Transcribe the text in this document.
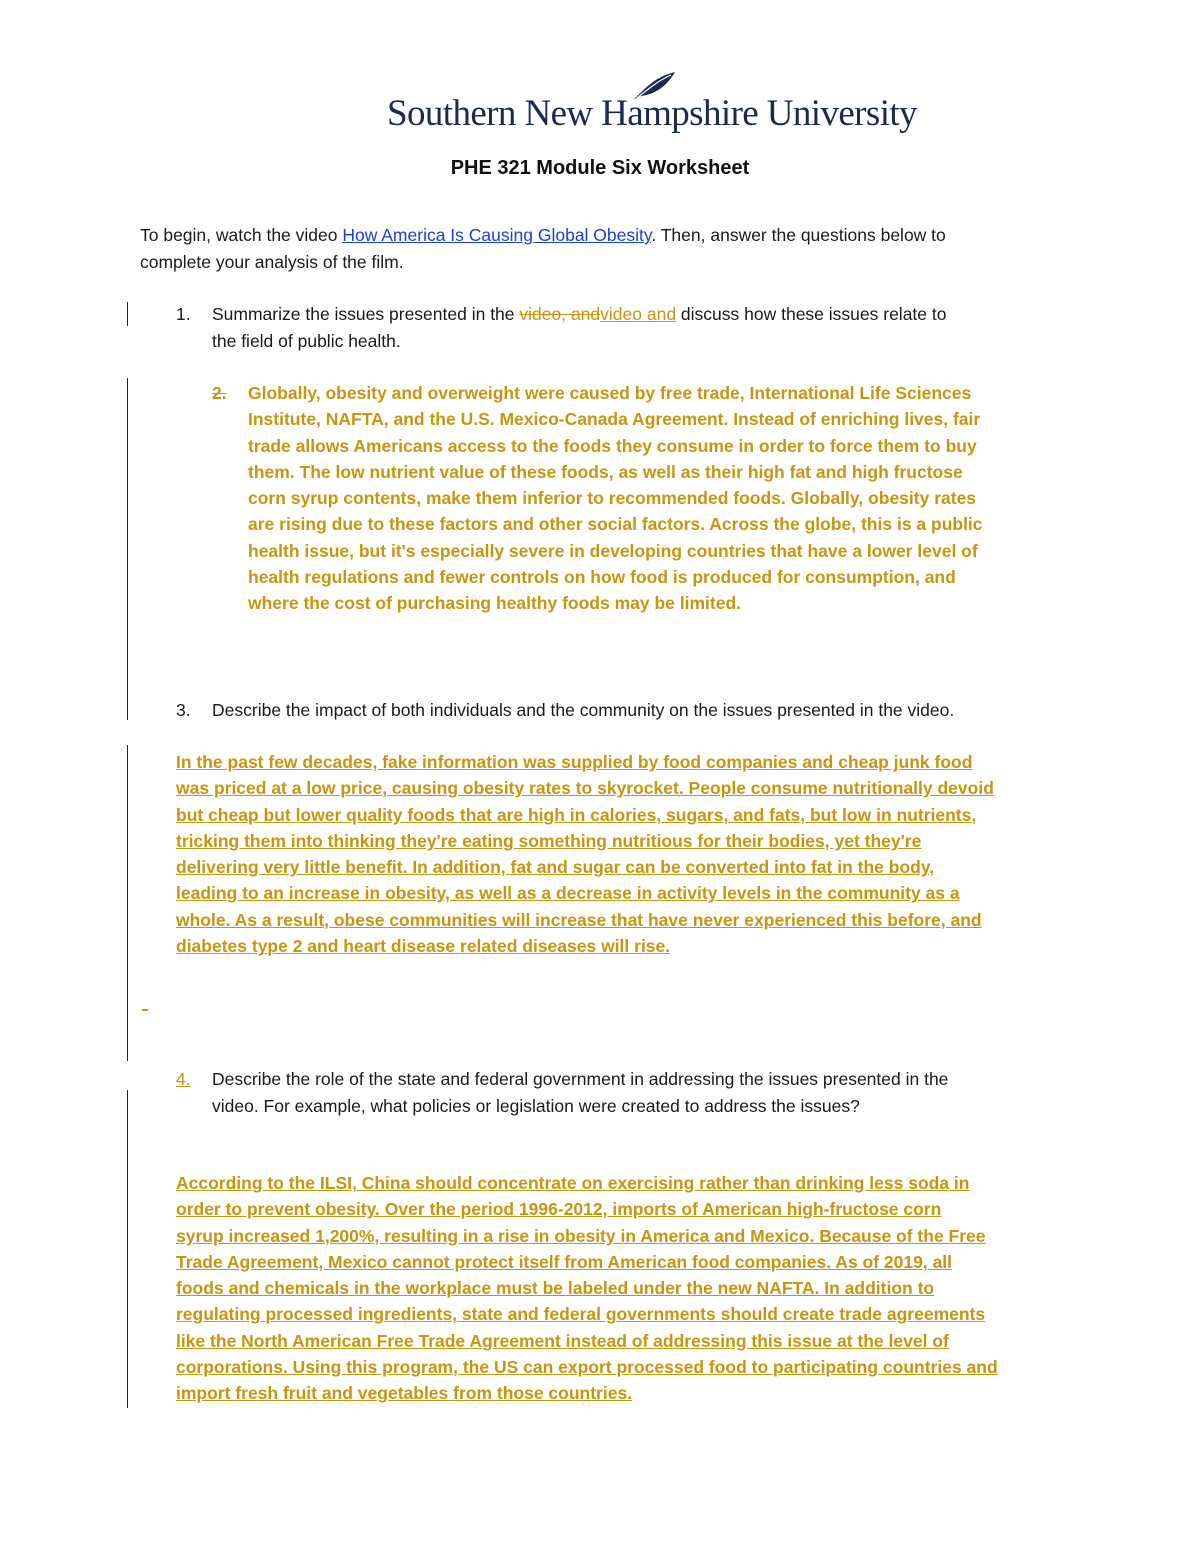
Southern New Hampshire University
PHE 321 Module Six Worksheet
To begin, watch the video How America Is Causing Global Obesity. Then, answer the questions below to
complete your analysis of the film.
1. Summarize the issues presented in the video, andvideo and discuss how these issues relate to
the field of public health.
2. Globally, obesity and overweight were caused by free trade, International Life Sciences
Institute, NAFTA, and the U.S. Mexico-Canada Agreement. Instead of enriching lives, fair
trade allows Americans access to the foods they consume in order to force them to buy
them. The low nutrient value of these foods, as well as their high fat and high fructose
corn syrup contents, make them inferior to recommended foods. Globally, obesity rates
are rising due to these factors and other social factors. Across the globe, this is a public
health issue, but it's especially severe in developing countries that have a lower level of
health regulations and fewer controls on how food is produced for consumption, and
where the cost of purchasing healthy foods may be limited.
3. Describe the impact of both individuals and the community on the issues presented in the video.
In the past few decades, fake information was supplied by food companies and cheap junk food
was priced at a low price, causing obesity rates to skyrocket. People consume nutritionally devoid
but cheap but lower quality foods that are high in calories, sugars, and fats, but low in nutrients,
tricking them into thinking they're eating something nutritious for their bodies, yet they're
delivering very little benefit. In addition, fat and sugar can be converted into fat in the body,
leading to an increase in obesity, as well as a decrease in activity levels in the community as a
whole. As a result, obese communities will increase that have never experienced this before, and
diabetes type 2 and heart disease related diseases will rise.
4.	Describe the role of the state and federal government in addressing the issues presented in the
video. For example, what policies or legislation were created to address the issues?
According to the ILSI, China should concentrate on exercising rather than drinking less soda in
order to prevent obesity. Over the period 1996-2012, imports of American high-fructose corn
syrup increased 1,200%, resulting in a rise in obesity in America and Mexico. Because of the Free
Trade Agreement, Mexico cannot protect itself from American food companies. As of 2019, all
foods and chemicals in the workplace must be labeled under the new NAFTA. In addition to
regulating processed ingredients, state and federal governments should create trade agreements
like the North American Free Trade Agreement instead of addressing this issue at the level of
corporations. Using this program, the US can export processed food to participating countries and
import fresh fruit and vegetables from those countries.
